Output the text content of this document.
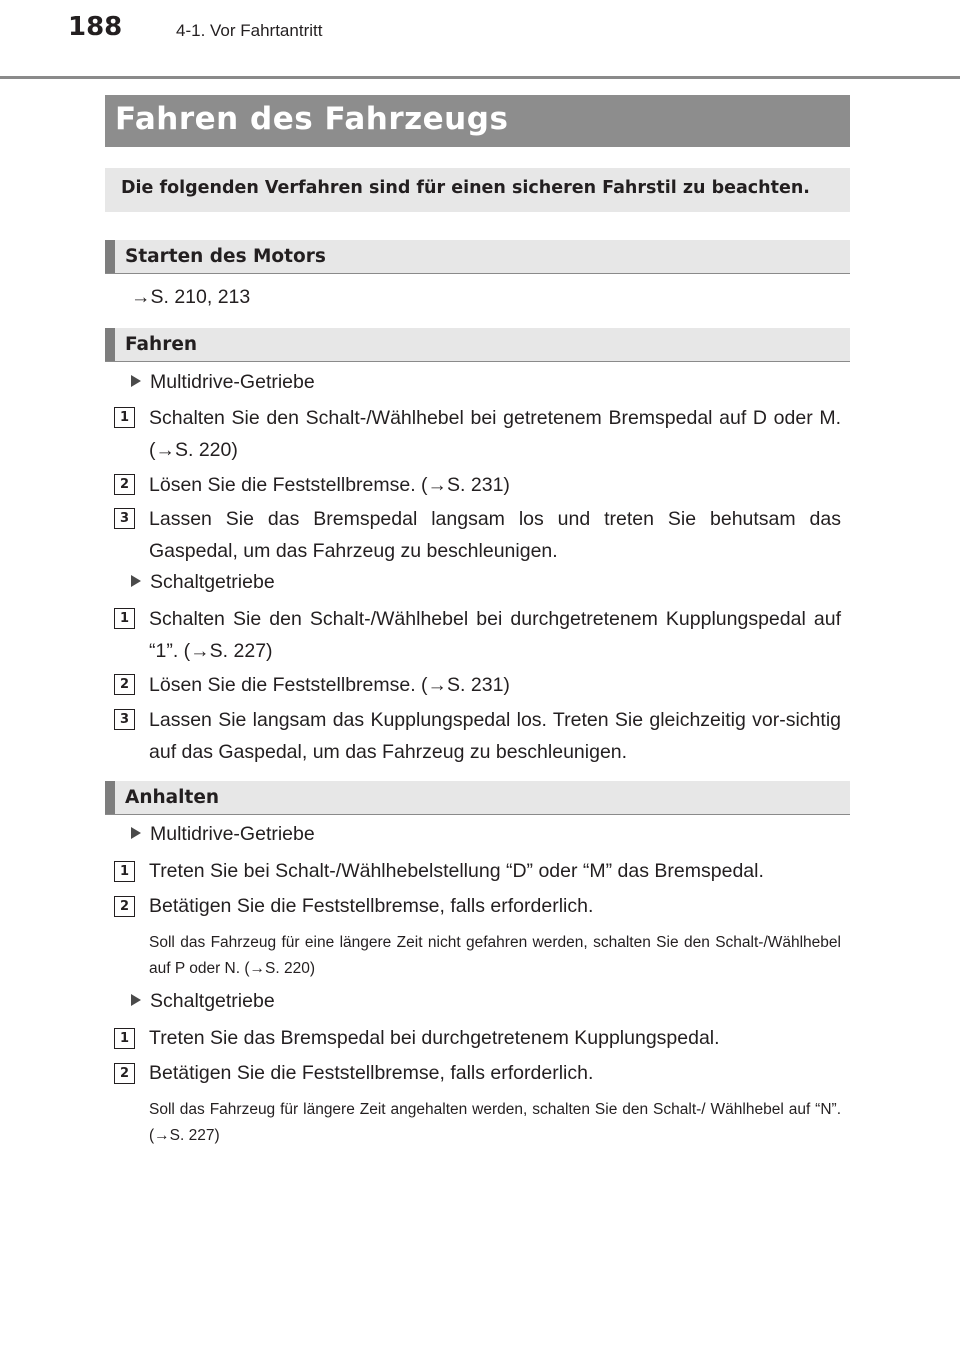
188	4-1. Vor Fahrtantritt
Fahren des Fahrzeugs
Die folgenden Verfahren sind für einen sicheren Fahrstil zu beachten.
Starten des Motors
→S. 210, 213
Fahren
Multidrive-Getriebe
1	Schalten Sie den Schalt-/Wählhebel bei getretenem Bremspedal auf D oder M. (→S. 220)
2	Lösen Sie die Feststellbremse. (→S. 231)
3	Lassen Sie das Bremspedal langsam los und treten Sie behutsam das Gaspedal, um das Fahrzeug zu beschleunigen.
Schaltgetriebe
1	Schalten Sie den Schalt-/Wählhebel bei durchgetretenem Kupplungspedal auf “1”. (→S. 227)
2	Lösen Sie die Feststellbremse. (→S. 231)
3	Lassen Sie langsam das Kupplungspedal los. Treten Sie gleichzeitig vor-sichtig auf das Gaspedal, um das Fahrzeug zu beschleunigen.
Anhalten
Multidrive-Getriebe
1	Treten Sie bei Schalt-/Wählhebelstellung “D” oder “M” das Bremspedal.
2	Betätigen Sie die Feststellbremse, falls erforderlich.
Soll das Fahrzeug für eine längere Zeit nicht gefahren werden, schalten Sie den Schalt-/Wählhebel auf P oder N. (→S. 220)
Schaltgetriebe
1	Treten Sie das Bremspedal bei durchgetretenem Kupplungspedal.
2	Betätigen Sie die Feststellbremse, falls erforderlich.
Soll das Fahrzeug für längere Zeit angehalten werden, schalten Sie den Schalt-/ Wählhebel auf “N”. (→S. 227)
